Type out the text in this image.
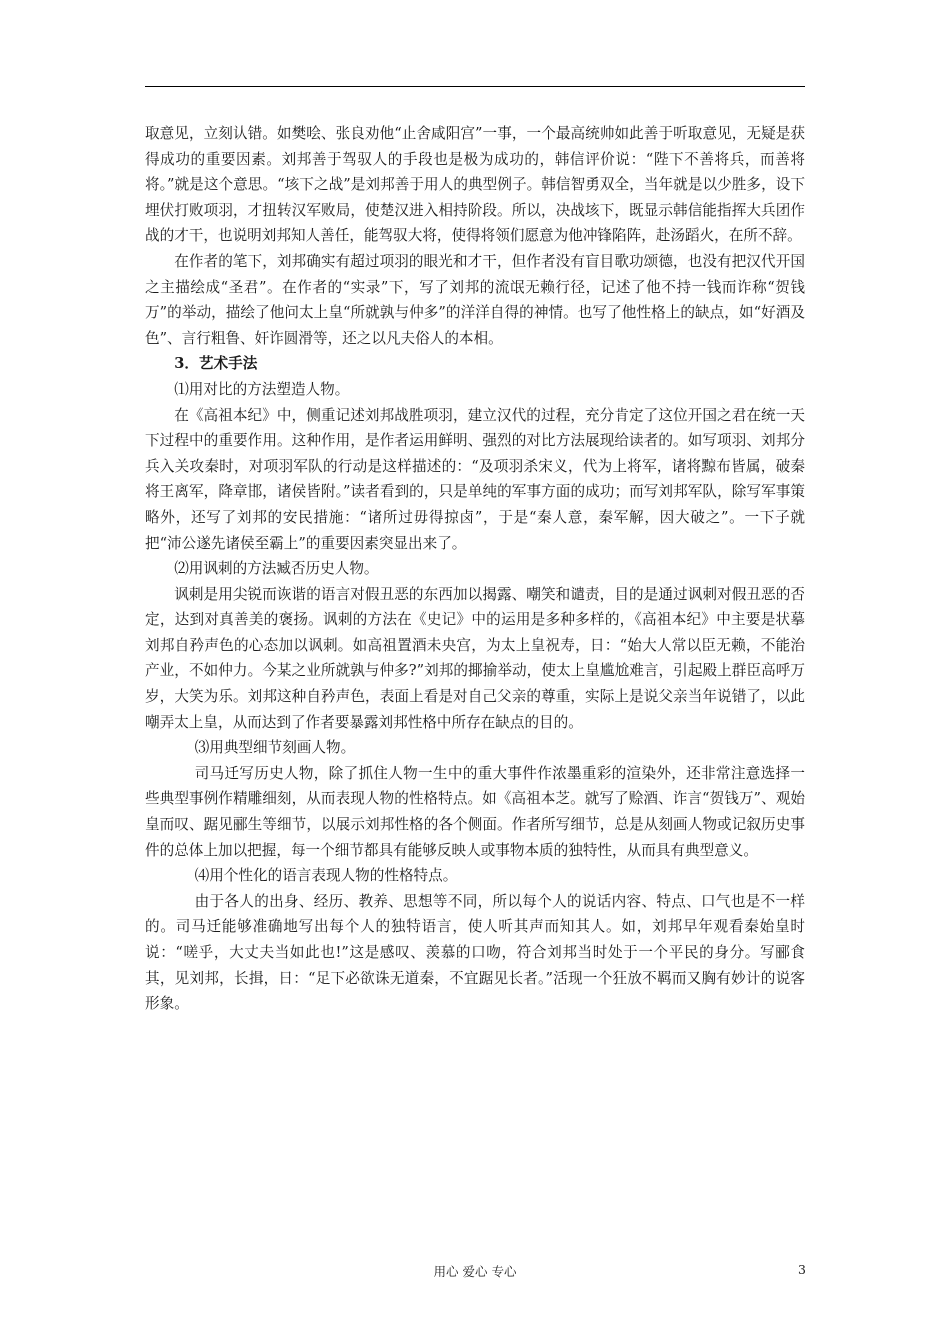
取意见，立刻认错。如樊哙、张良劝他“止舍咸阳宫”一事，一个最高统帅如此善于听取意见，无疑是获得成功的重要因素。刘邦善于驾驭人的手段也是极为成功的，韩信评价说：“陛下不善将兵，而善将将。”就是这个意思。“垓下之战”是刘邦善于用人的典型例子。韩信智勇双全，当年就是以少胜多，设下埋伏打败项羽，才扭转汉军败局，使楚汉进入相持阶段。所以，决战垓下，既显示韩信能指挥大兵团作战的才干，也说明刘邦知人善任，能驾驭大将，使得将领们愿意为他冲锋陷阵，赴汤蹈火，在所不辞。

在作者的笔下，刘邦确实有超过项羽的眼光和才干，但作者没有盲目歌功颂德，也没有把汉代开国之主描绘成“圣君”。在作者的“实录”下，写了刘邦的流氓无赖行径，记述了他不持一钱而诈称“贺钱万”的举动，描绘了他问太上皇“所就孰与仲多”的洋洋自得的神情。也写了他性格上的缺点，如“好酒及色”、言行粗鲁、奸诈圆滑等，还之以凡夫俗人的本相。

3．艺术手法

⑴用对比的方法塑造人物。

在《高祖本纪》中，侧重记述刘邦战胜项羽，建立汉代的过程，充分肯定了这位开国之君在统一天下过程中的重要作用。这种作用，是作者运用鲜明、强烈的对比方法展现给读者的。如写项羽、刘邦分兵入关攻秦时，对项羽军队的行动是这样描述的：“及项羽杀宋义，代为上将军，诸将黥布皆属，破秦将王离军，降章邯，诸侯皆附。”读者看到的，只是单纯的军事方面的成功；而写刘邦军队，除写军事策略外，还写了刘邦的安民措施：“诸所过毋得掠卤”，于是“秦人意，秦军解，因大破之”。一下子就把“沛公遂先诸侯至霸上”的重要因素突显出来了。

⑵用讽刺的方法臧否历史人物。

讽刺是用尖锐而诙谐的语言对假丑恶的东西加以揭露、嘲笑和谴责，目的是通过讽刺对假丑恶的否定，达到对真善美的褒扬。讽刺的方法在《史记》中的运用是多种多样的，《高祖本纪》中主要是状摹刘邦自矜声色的心态加以讽刺。如高祖置酒未央宫，为太上皇祝寿，日：“始大人常以臣无赖，不能治产业，不如仲力。今某之业所就孰与仲多?”刘邦的揶揄举动，使太上皇尴尬难言，引起殿上群臣高呼万岁，大笑为乐。刘邦这种自矜声色，表面上看是对自己父亲的尊重，实际上是说父亲当年说错了，以此嘲弄太上皇，从而达到了作者要暴露刘邦性格中所存在缺点的目的。

⑶用典型细节刻画人物。

司马迁写历史人物，除了抓住人物一生中的重大事件作浓墨重彩的渲染外，还非常注意选择一些典型事例作精雕细刻，从而表现人物的性格特点。如《高祖本芝。就写了赊酒、诈言“贺钱万”、观始皇而叹、踞见郦生等细节，以展示刘邦性格的各个侧面。作者所写细节，总是从刻画人物或记叙历史事件的总体上加以把握，每一个细节都具有能够反映人或事物本质的独特性，从而具有典型意义。

⑷用个性化的语言表现人物的性格特点。

由于各人的出身、经历、教养、思想等不同，所以每个人的说话内容、特点、口气也是不一样的。司马迁能够准确地写出每个人的独特语言，使人听其声而知其人。如，刘邦早年观看秦始皇时说：“嗟乎，大丈夫当如此也!”这是感叹、羡慕的口吻，符合刘邦当时处于一个平民的身分。写郦食其，见刘邦，长揖，日：“足下必欲诛无道秦，不宜踞见长者。”活现一个狂放不羁而又胸有妙计的说客形象。

用心 爱心 专心	3
